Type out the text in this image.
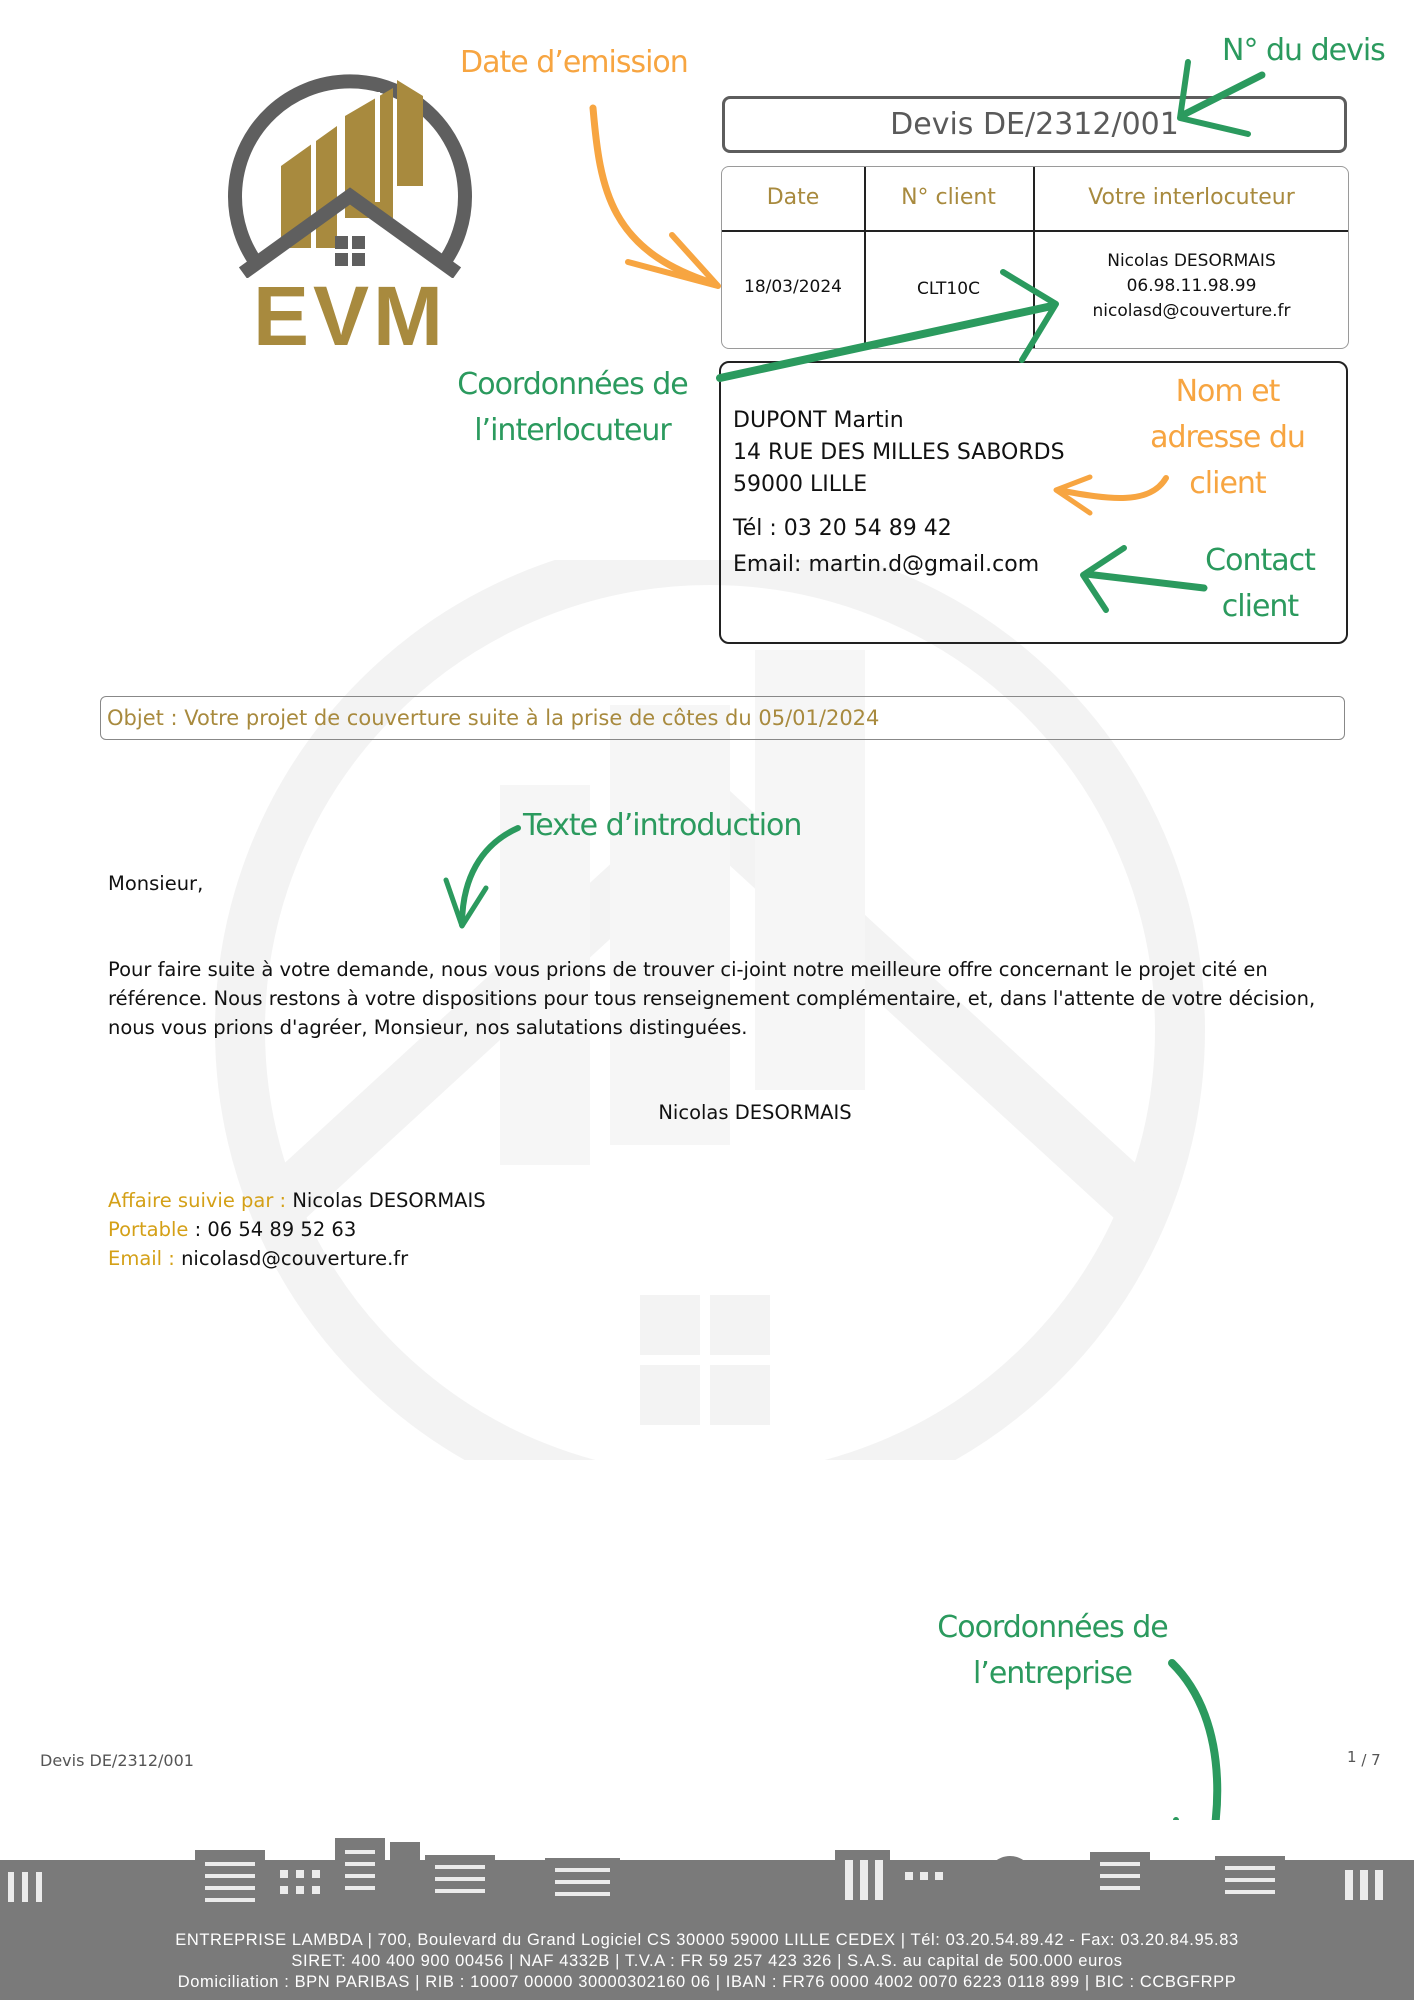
EVM
Devis DE/2312/001
Date	N° client	Votre interlocuteur
18/03/2024	CLT10C
Nicolas DESORMAIS
06.98.11.98.99
nicolasd@couverture.fr
DUPONT Martin
14 RUE DES MILLES SABORDS
59000 LILLE
Tél : 03 20 54 89 42
Email: martin.d@gmail.com
Objet : Votre projet de couverture suite à la prise de côtes du 05/01/2024
Monsieur,
Pour faire suite à votre demande, nous vous prions de trouver ci-joint notre meilleure offre concernant le projet cité en
référence. Nous restons à votre dispositions pour tous renseignement complémentaire, et, dans l'attente de votre décision,
nous vous prions d'agréer, Monsieur, nos salutations distinguées.
Nicolas DESORMAIS
Affaire suivie par : Nicolas DESORMAIS
Portable : 06 54 89 52 63
Email : nicolasd@couverture.fr
Date d’emission	N° du devis
Coordonnées de
l’interlocuteur
Nom et
adresse du
client
Contact
client
Texte d’introduction
Coordonnées de
l’entreprise
Devis DE/2312/001	1 / 7
ENTREPRISE LAMBDA | 700, Boulevard du Grand Logiciel CS 30000 59000 LILLE CEDEX | Tél: 03.20.54.89.42 - Fax: 03.20.84.95.83
SIRET: 400 400 900 00456 | NAF 4332B | T.V.A : FR 59 257 423 326 | S.A.S. au capital de 500.000 euros
Domiciliation : BPN PARIBAS | RIB : 10007 00000 30000302160 06 | IBAN : FR76 0000 4002 0070 6223 0118 899 | BIC : CCBGFRPP
